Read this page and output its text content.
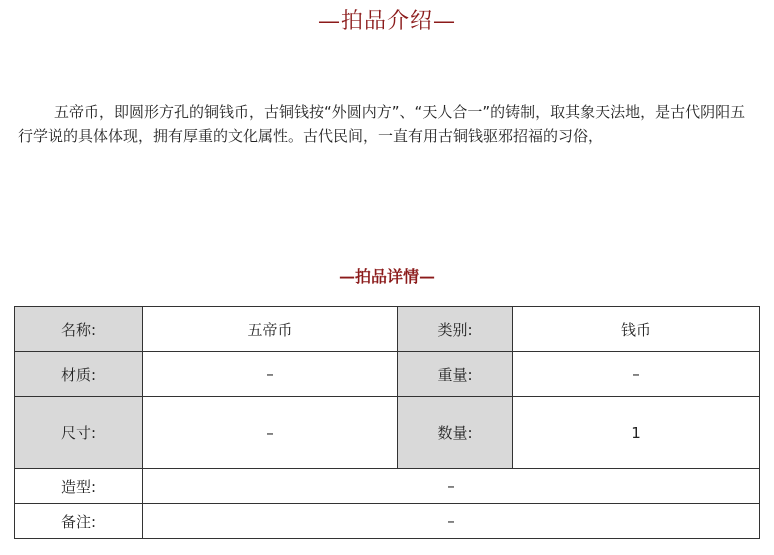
—拍品介绍—

五帝币，即圆形方孔的铜钱币，古铜钱按“外圆内方”、“天人合一”的铸制，取其象天法地，是古代阴阳五行学说的具体体现，拥有厚重的文化属性。古代民间，一直有用古铜钱驱邪招福的习俗，

—拍品详情—
名称:	五帝币	类别:	钱币
材质:	–	重量:	–
尺寸:	–	数量:	1
造型:	–		
备注:	–		
